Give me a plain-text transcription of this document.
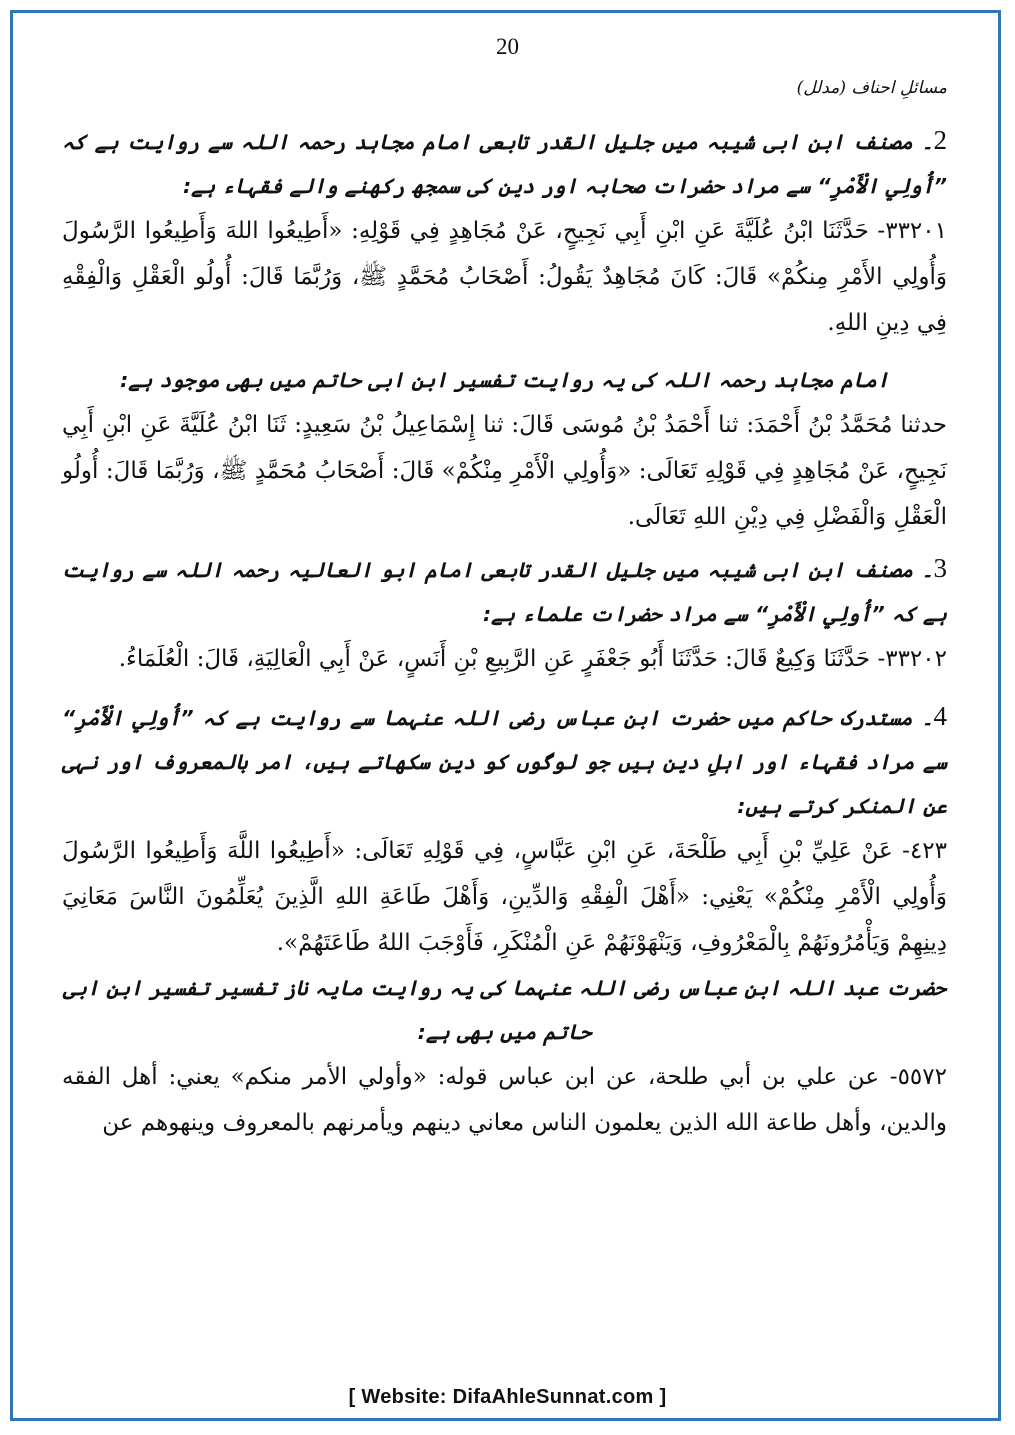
20
مسائلِ احناف (مدلل)

2۔ مصنف ابن ابی شیبہ میں جلیل القدر تابعی امام مجاہد رحمہ اللہ سے روایت ہے کہ ”أُولِي الْأَمْرِ“ سے مراد حضرات صحابہ اور دین کی سمجھ رکھنے والے فقہاء ہے:

٣٣٢٠١- حَدَّثَنَا ابْنُ عُلَيَّةَ عَنِ ابْنِ أَبِي نَجِيحٍ، عَنْ مُجَاهِدٍ فِي قَوْلِهِ: «أَطِيعُوا اللهَ وَأَطِيعُوا الرَّسُولَ وَأُولِي الأَمْرِ مِنكُمْ» قَالَ: كَانَ مُجَاهِدٌ يَقُولُ: أَصْحَابُ مُحَمَّدٍ ﷺ، وَرُبَّمَا قَالَ: أُولُو الْعَقْلِ وَالْفِقْهِ فِي دِينِ اللهِ.

امام مجاہد رحمہ اللہ کی یہ روایت تفسیر ابن ابی حاتم میں بھی موجود ہے:

حدثنا مُحَمَّدُ بْنُ أَحْمَدَ: ثنا أَحْمَدُ بْنُ مُوسَى قَالَ: ثنا إِسْمَاعِيلُ بْنُ سَعِيدٍ: ثَنَا ابْنُ عُلَيَّةَ عَنِ ابْنِ أَبِي نَجِيحٍ، عَنْ مُجَاهِدٍ فِي قَوْلِهِ تَعَالَى: «وَأُولِي الْأَمْرِ مِنْكُمْ» قَالَ: أَصْحَابُ مُحَمَّدٍ ﷺ، وَرُبَّمَا قَالَ: أُولُو الْعَقْلِ وَالْفَضْلِ فِي دِيْنِ اللهِ تَعَالَى.

3۔ مصنف ابن ابی شیبہ میں جلیل القدر تابعی امام ابو العالیہ رحمہ اللہ سے روایت ہے کہ ”أُولِي الْأَمْرِ“ سے مراد حضرات علماء ہے:

٣٣٢٠٢- حَدَّثَنَا وَكِيعٌ قَالَ: حَدَّثَنَا أَبُو جَعْفَرٍ عَنِ الرَّبِيعِ بْنِ أَنَسٍ، عَنْ أَبِي الْعَالِيَةِ، قَالَ: الْعُلَمَاءُ.

4۔ مستدرک حاکم میں حضرت ابن عباس رضی اللہ عنہما سے روایت ہے کہ ”أُولِي الْأَمْرِ“ سے مراد فقہاء اور اہلِ دین ہیں جو لوگوں کو دین سکھاتے ہیں، امر بالمعروف اور نہی عن المنکر کرتے ہیں:

٤٢٣- عَنْ عَلِيِّ بْنِ أَبِي طَلْحَةَ، عَنِ ابْنِ عَبَّاسٍ، فِي قَوْلِهِ تَعَالَى: «أَطِيعُوا اللَّهَ وَأَطِيعُوا الرَّسُولَ وَأُولِي الْأَمْرِ مِنْكُمْ» يَعْنِي: «أَهْلَ الْفِقْهِ وَالدِّينِ، وَأَهْلَ طَاعَةِ اللهِ الَّذِينَ يُعَلِّمُونَ النَّاسَ مَعَانِيَ دِينِهِمْ وَيَأْمُرُونَهُمْ بِالْمَعْرُوفِ، وَيَنْهَوْنَهُمْ عَنِ الْمُنْكَرِ، فَأَوْجَبَ اللهُ طَاعَتَهُمْ».

حضرت عبد اللہ ابن عباس رضی اللہ عنہما کی یہ روایت مایہ ناز تفسیر تفسیر ابن ابی حاتم میں بھی ہے:

٥٥٧٢- عن علي بن أبي طلحة، عن ابن عباس قوله: «وأولي الأمر منكم» يعني: أهل الفقه والدين، وأهل طاعة الله الذين يعلمون الناس معاني دينهم ويأمرنهم بالمعروف وينهوهم عن

[ Website: DifaAhleSunnat.com ]
